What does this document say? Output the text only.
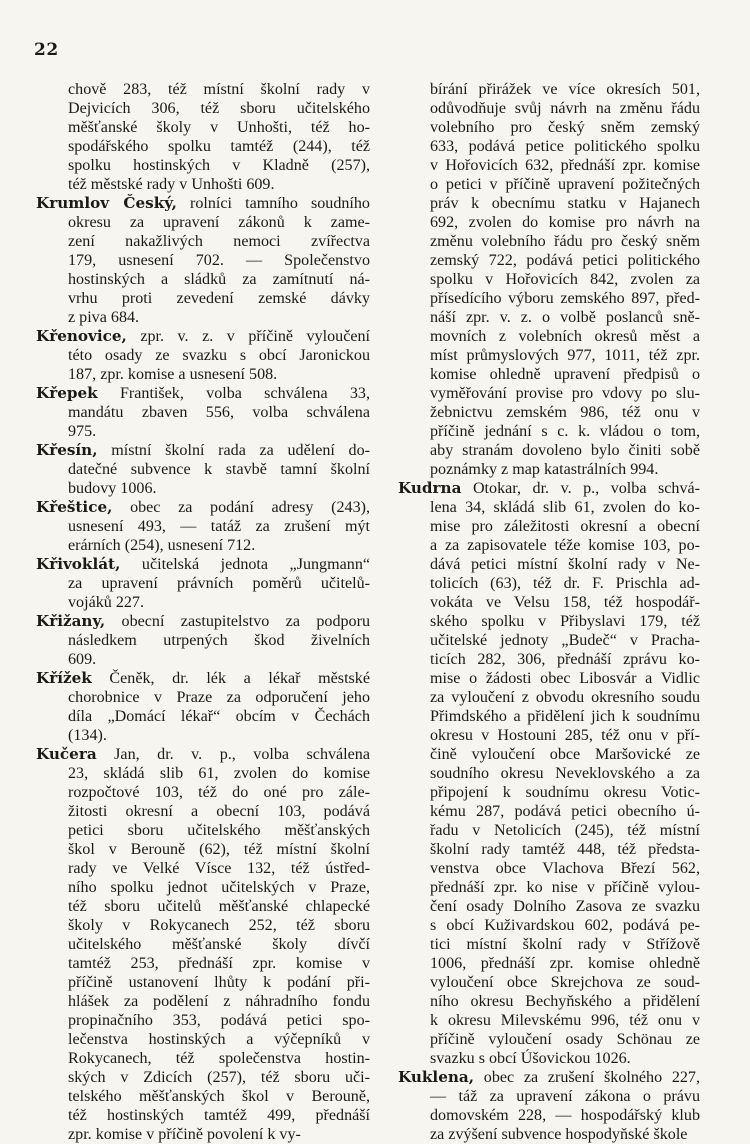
22
chově 283, též místní školní rady v
Dejvicích 306, též sboru učitelského
měšťanské školy v Unhošti, též ho-
spodářského spolku tamtéž (244), též
spolku hostinských v Kladně (257),
též městské rady v Unhošti 609.
Krumlov Český, rolníci tamního soudního
okresu za upravení zákonů k zame-
zení nakažlivých nemoci zvířectva
179, usnesení 702. — Společenstvo
hostinských a sládků za zamítnutí ná-
vrhu proti zevedení zemské dávky
z piva 684.
Křenovice, zpr. v. z. v příčině vyloučení
této osady ze svazku s obcí Jaronickou
187, zpr. komise a usnesení 508.
Křepek František, volba schválena 33,
mandátu zbaven 556, volba schválena
975.
Křesín, místní školní rada za udělení do-
datečné subvence k stavbě tamní školní
budovy 1006.
Křeštice, obec za podání adresy (243),
usnesení 493, — tatáž za zrušení mýt
erárních (254), usnesení 712.
Křivoklát, učitelská jednota „Jungmann“
za upravení právních poměrů učitelů-
vojáků 227.
Křižany, obecní zastupitelstvo za podporu
následkem utrpených škod živelních
609.
Křížek Čeněk, dr. lék a lékař městské
chorobnice v Praze za odporučení jeho
díla „Domácí lékař“ obcím v Čechách
(134).
Kučera Jan, dr. v. p., volba schválena
23, skládá slib 61, zvolen do komise
rozpočtové 103, též do oné pro zále-
žitosti okresní a obecní 103, podává
petici sboru učitelského měšťanských
škol v Berouně (62), též místní školní
rady ve Velké Víscе 132, též ústřed-
ního spolku jednot učitelských v Praze,
též sboru učitelů měšťanské chlapecké
školy v Rokycanech 252, též sboru
učitelského měšťanské školy dívčí
tamtéž 253, přednáší zpr. komise v
příčině ustanovení lhůty k podání při-
hlášek za podělení z náhradního fondu
propinačního 353, podává petici spo-
lečenstva hostinských a výčepníků v
Rokycanech, též společenstva hostin-
ských v Zdicích (257), též sboru uči-
telského měšťanských škol v Berouně,
též hostinských tamtéž 499, přednáší
zpr. komise v příčině povolení k vy-
bírání přirážek ve více okresích 501,
odůvodňuje svůj návrh na změnu řádu
volebního pro český sněm zemský
633, podává petice politického spolku
v Hořovicích 632, přednáší zpr. komise
o petici v příčině upravení požitečných
práv k obecnímu statku v Hajanech
692, zvolen do komise pro návrh na
změnu volebního řádu pro český sněm
zemský 722, podává petici politického
spolku v Hořovicích 842, zvolen za
přísedícího výboru zemského 897, před-
náší zpr. v. z. o volbě poslanců sně-
movních z volebních okresů měst a
míst průmyslových 977, 1011, též zpr.
komise ohledně upravení předpisů o
vyměřování provise pro vdovy po slu-
žebnictvu zemském 986, též onu v
příčině jednání s c. k. vládou o tom,
aby stranám dovoleno bylo činiti sobě
poznámky z map katastrálních 994.
Kudrna Otokar, dr. v. p., volba schvá-
lena 34, skládá slib 61, zvolen do ko-
mise pro záležitosti okresní a obecní
a za zapisovatele téže komise 103, po-
dává petici místní školní rady v Ne-
tolicích (63), též dr. F. Prischla ad-
vokáta ve Velsu 158, též hospodář-
ského spolku v Přibyslavi 179, též
učitelské jednoty „Budeč“ v Pracha-
ticích 282, 306, přednáší zprávu ko-
mise o žádosti obec Libosvár a Vidlic
za vyloučení z obvodu okresního soudu
Přimdského a přidělení jich k soudnímu
okresu v Hostouni 285, též onu v pří-
čině vyloučení obce Maršovické ze
soudního okresu Neveklovského a za
připojení k soudnímu okresu Votic-
kému 287, podává petici obecního ú-
řadu v Netolicích (245), též místní
školní rady tamtéž 448, též předsta-
venstva obce Vlachova Březí 562,
přednáší zpr. ko nise v příčině vylou-
čení osady Dolního Zasova ze svazku
s obcí Kuživardskou 602, podává pe-
tici místní školní rady v Střížově
1006, přednáší zpr. komise ohledně
vyloučení obce Skrejchova ze soud-
ního okresu Bechyňského a přidělení
k okresu Milevskému 996, též onu v
příčině vyloučení osady Schönau ze
svazku s obcí Úšovickou 1026.
Kuklena, obec za zrušení školného 227,
— táž za upravení zákona o právu
domovském 228, — hospodářský klub
za zvýšení subvence hospodyňské škole
